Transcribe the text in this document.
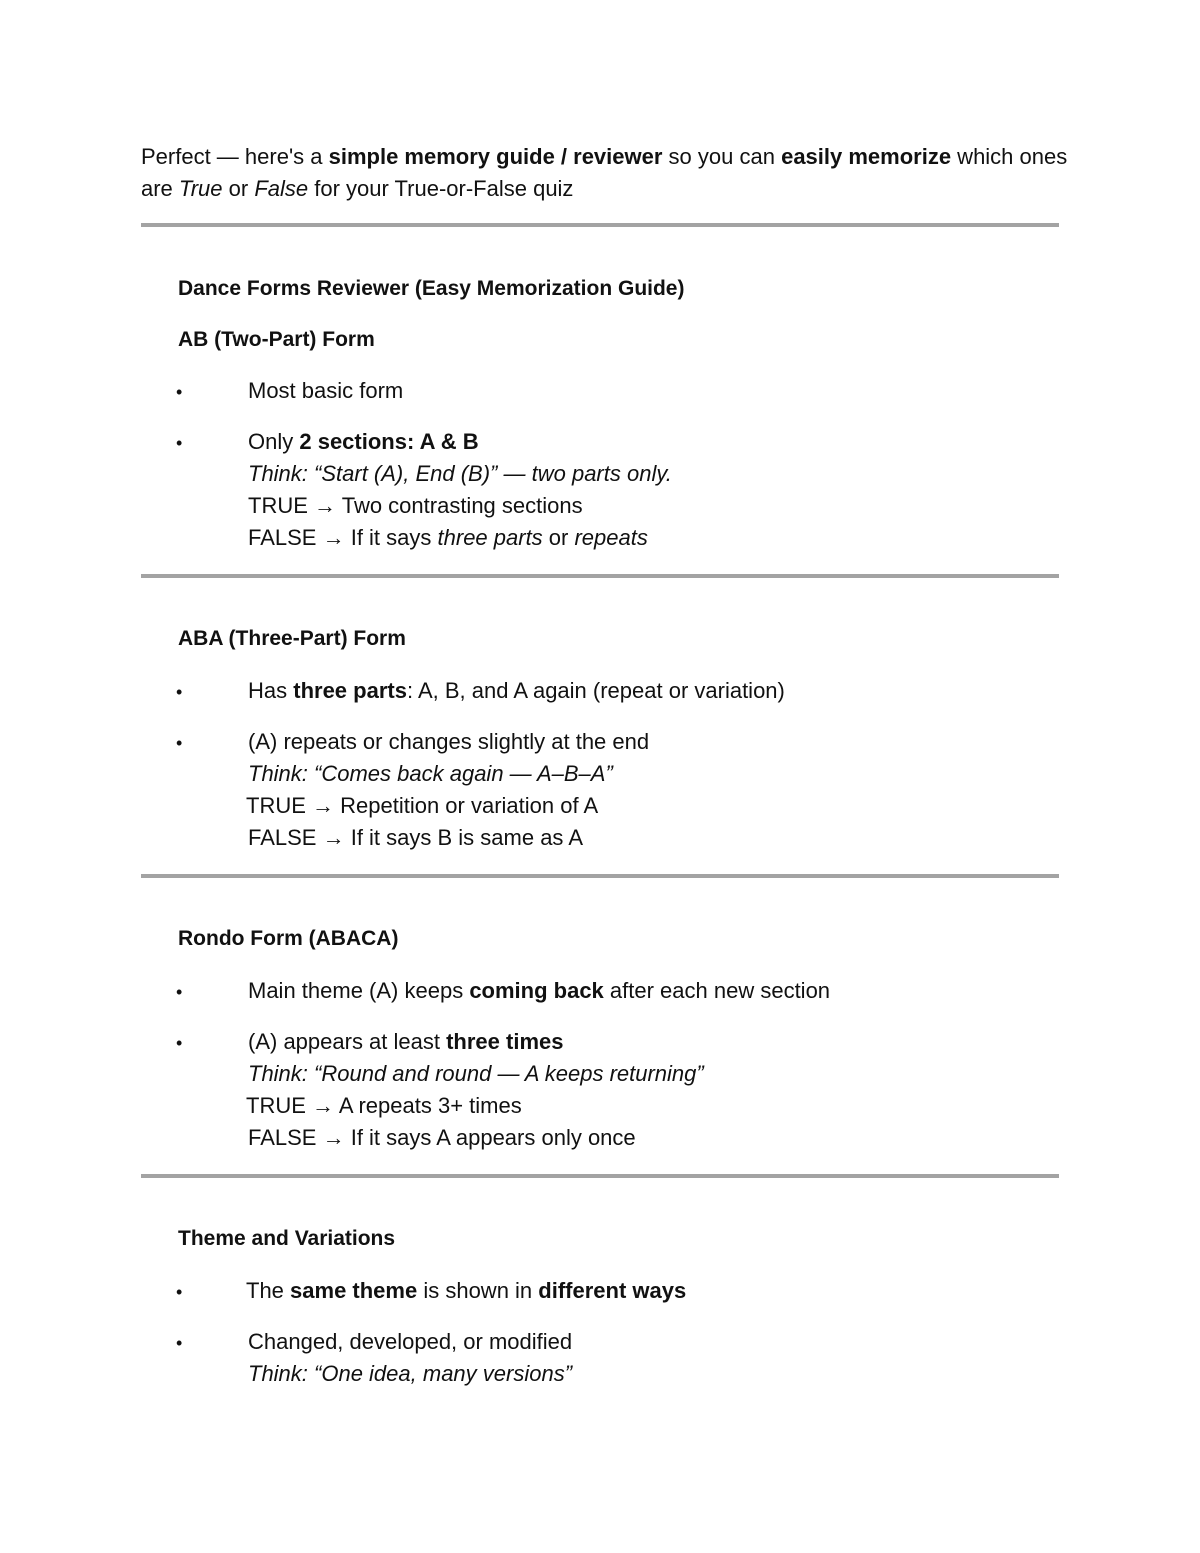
Perfect — here's a simple memory guide / reviewer so you can easily memorize which ones are True or False for your True-or-False quiz
Dance Forms Reviewer (Easy Memorization Guide)
AB (Two-Part) Form
•	Most basic form
•	Only 2 sections: A & B
Think: “Start (A), End (B)” — two parts only.
TRUE → Two contrasting sections
FALSE → If it says three parts or repeats
ABA (Three-Part) Form
•	Has three parts: A, B, and A again (repeat or variation)
•	(A) repeats or changes slightly at the end
Think: “Comes back again — A–B–A”
TRUE → Repetition or variation of A
FALSE → If it says B is same as A
Rondo Form (ABACA)
•	Main theme (A) keeps coming back after each new section
•	(A) appears at least three times
Think: “Round and round — A keeps returning”
TRUE → A repeats 3+ times
FALSE → If it says A appears only once
Theme and Variations
•	The same theme is shown in different ways
•	Changed, developed, or modified
Think: “One idea, many versions”
